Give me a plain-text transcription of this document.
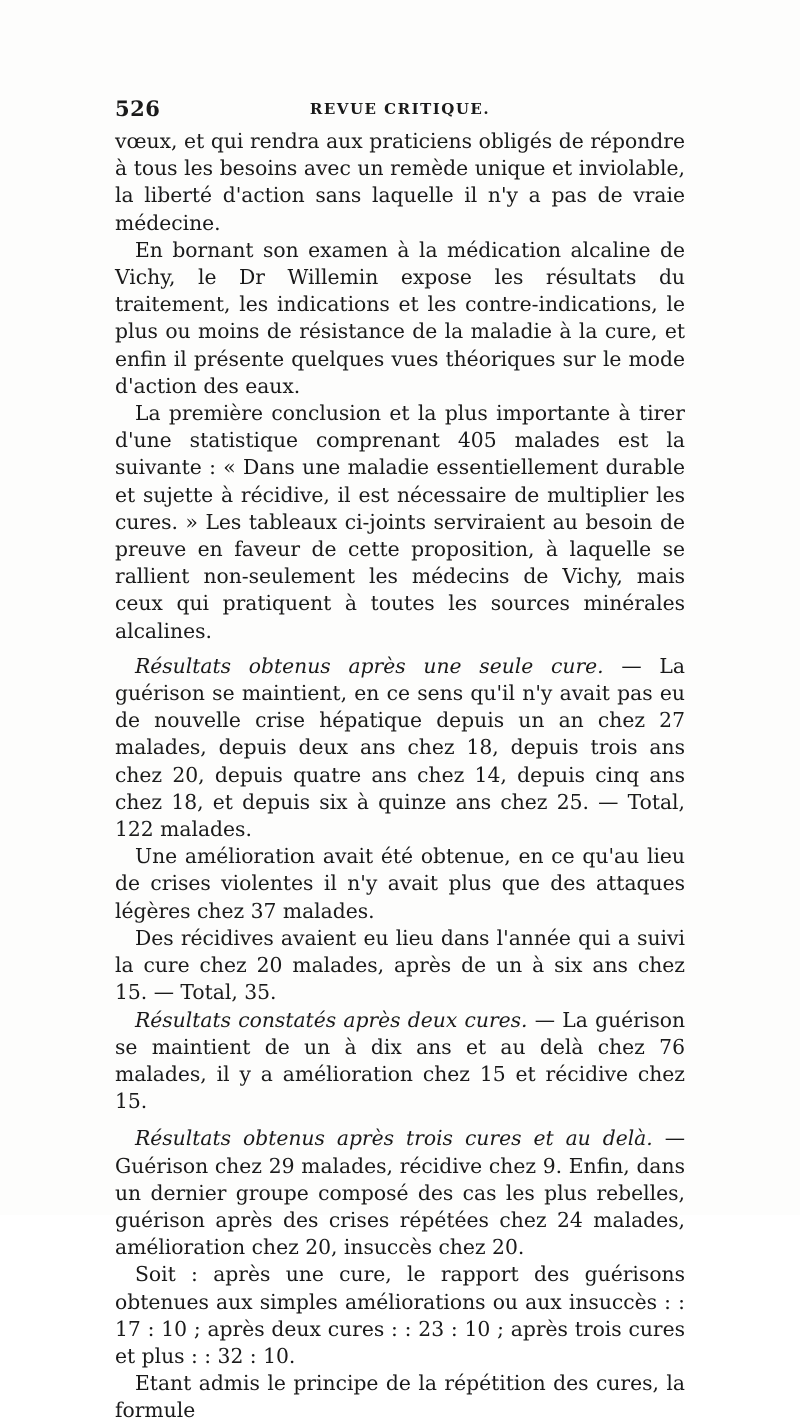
526	REVUE CRITIQUE.

vœux, et qui rendra aux praticiens obligés de répondre à tous les besoins avec un remède unique et inviolable, la liberté d'action sans laquelle il n'y a pas de vraie médecine.

En bornant son examen à la médication alcaline de Vichy, le Dr Willemin expose les résultats du traitement, les indications et les contre-indications, le plus ou moins de résistance de la maladie à la cure, et enfin il présente quelques vues théoriques sur le mode d'action des eaux.

La première conclusion et la plus importante à tirer d'une statistique comprenant 405 malades est la suivante : « Dans une maladie essentiellement durable et sujette à récidive, il est nécessaire de multiplier les cures. » Les tableaux ci-joints serviraient au besoin de preuve en faveur de cette proposition, à laquelle se rallient non-seulement les médecins de Vichy, mais ceux qui pratiquent à toutes les sources minérales alcalines.

Résultats obtenus après une seule cure. — La guérison se maintient, en ce sens qu'il n'y avait pas eu de nouvelle crise hépatique depuis un an chez 27 malades, depuis deux ans chez 18, depuis trois ans chez 20, depuis quatre ans chez 14, depuis cinq ans chez 18, et depuis six à quinze ans chez 25. — Total, 122 malades.

Une amélioration avait été obtenue, en ce qu'au lieu de crises violentes il n'y avait plus que des attaques légères chez 37 malades.

Des récidives avaient eu lieu dans l'année qui a suivi la cure chez 20 malades, après de un à six ans chez 15. — Total, 35.

Résultats constatés après deux cures. — La guérison se maintient de un à dix ans et au delà chez 76 malades, il y a amélioration chez 15 et récidive chez 15.

Résultats obtenus après trois cures et au delà. — Guérison chez 29 malades, récidive chez 9. Enfin, dans un dernier groupe composé des cas les plus rebelles, guérison après des crises répétées chez 24 malades, amélioration chez 20, insuccès chez 20.

Soit : après une cure, le rapport des guérisons obtenues aux simples améliorations ou aux insuccès : : 17 : 10 ; après deux cures : : 23 : 10 ; après trois cures et plus : : 32 : 10.

Etant admis le principe de la répétition des cures, la formule
